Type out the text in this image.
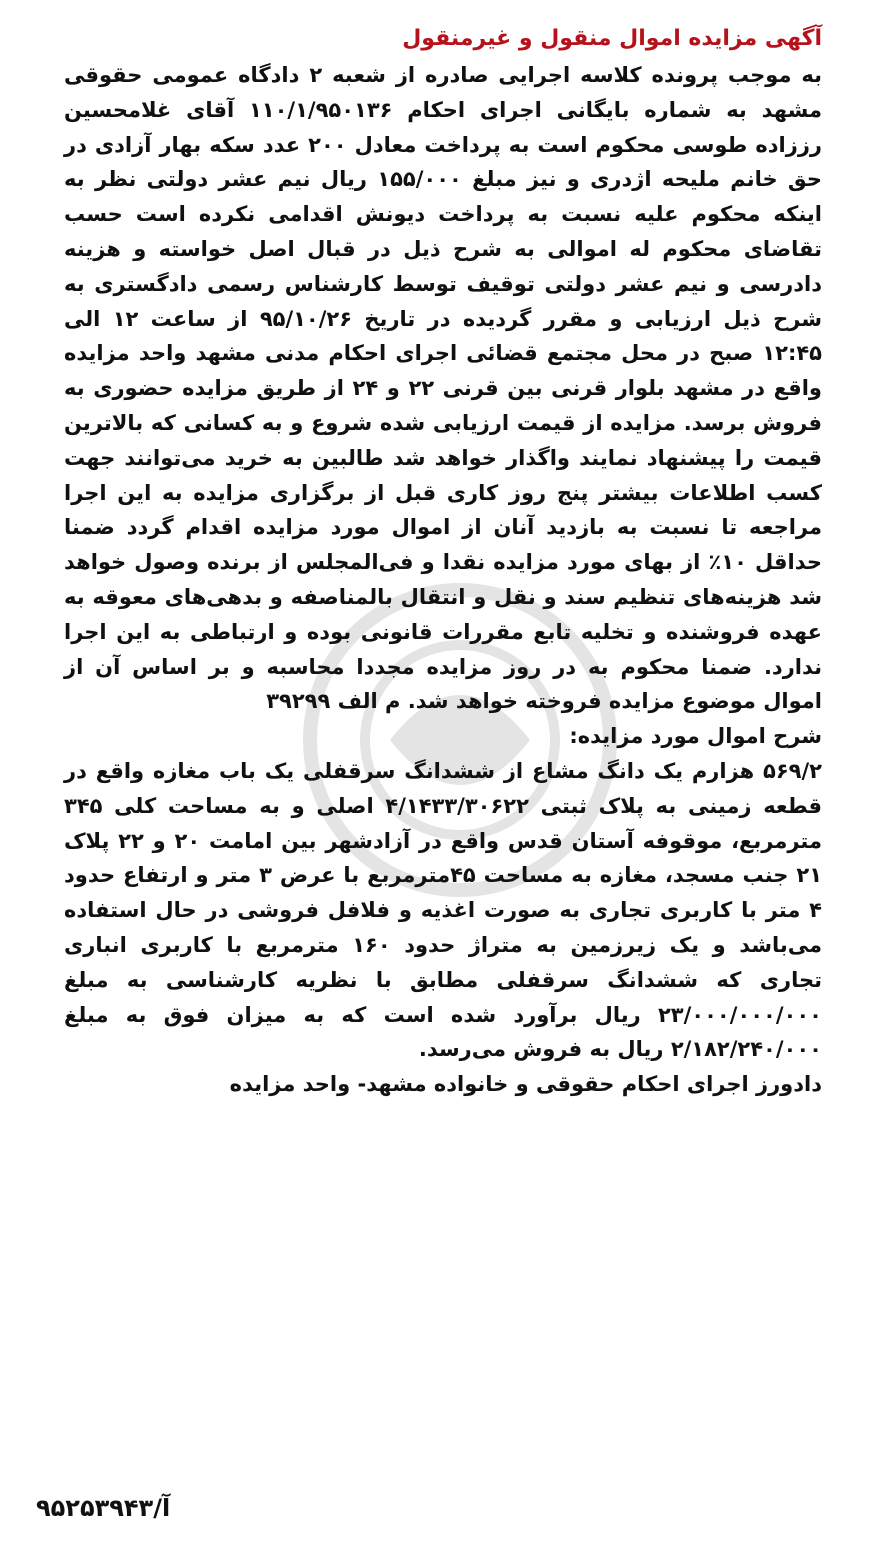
آگهی مزایده اموال منقول و غیرمنقول

به موجب پرونده کلاسه اجرایی صادره از شعبه ۲ دادگاه عمومی حقوقی مشهد به شماره بایگانی اجرای احکام ۱۱۰/۱/۹۵۰۱۳۶ آقای غلامحسین رززاده طوسی محکوم است به پرداخت معادل ۲۰۰ عدد سکه بهار آزادی در حق خانم ملیحه اژدری و نیز مبلغ ۱۵۵/۰۰۰ ریال نیم عشر دولتی نظر به اینکه محکوم علیه نسبت به پرداخت دیونش اقدامی نکرده است حسب تقاضای محکوم له اموالی به شرح ذیل در قبال اصل خواسته و هزینه دادرسی و نیم عشر دولتی توقیف توسط کارشناس رسمی دادگستری به شرح ذیل ارزیابی و مقرر گردیده در تاریخ ۹۵/۱۰/۲۶ از ساعت ۱۲ الی ۱۲:۴۵ صبح در محل مجتمع قضائی اجرای احکام مدنی مشهد واحد مزایده واقع در مشهد بلوار قرنی بین قرنی ۲۲ و ۲۴ از طریق مزایده حضوری به فروش برسد. مزایده از قیمت ارزیابی شده شروع و به کسانی که بالاترین قیمت را پیشنهاد نمایند واگذار خواهد شد طالبین به خرید می‌توانند جهت کسب اطلاعات بیشتر پنج روز کاری قبل از برگزاری مزایده به این اجرا مراجعه تا نسبت به بازدید آنان از اموال مورد مزایده اقدام گردد ضمنا حداقل ۱۰٪ از بهای مورد مزایده نقدا و فی‌المجلس از برنده وصول خواهد شد هزینه‌های تنظیم سند و نقل و انتقال بالمناصفه و بدهی‌های معوقه به عهده فروشنده و تخلیه تابع مقررات قانونی بوده و ارتباطی به این اجرا ندارد. ضمنا محکوم به در روز مزایده مجددا محاسبه و بر اساس آن از اموال موضوع مزایده فروخته خواهد شد. م الف ۳۹۲۹۹

شرح اموال مورد مزایده:

۵۶۹/۲ هزارم یک دانگ مشاع از ششدانگ سرقفلی یک باب مغازه واقع در قطعه زمینی به پلاک ثبتی ۴/۱۴۳۳/۳۰۶۲۲ اصلی و به مساحت کلی ۳۴۵ مترمربع، موقوفه آستان قدس واقع در آزادشهر بین امامت ۲۰ و ۲۲ پلاک ۲۱ جنب مسجد، مغازه به مساحت ۴۵مترمربع با عرض ۳ متر و ارتفاع حدود ۴ متر با کاربری تجاری به صورت اغذیه و فلافل فروشی در حال استفاده می‌باشد و یک زیرزمین به متراژ حدود ۱۶۰ مترمربع با کاربری انباری تجاری که ششدانگ سرقفلی مطابق با نظریه کارشناسی به مبلغ ۲۳/۰۰۰/۰۰۰/۰۰۰ ریال برآورد شده است که به میزان فوق به مبلغ ۲/۱۸۲/۲۴۰/۰۰۰ ریال به فروش می‌رسد.

دادورز اجرای احکام حقوقی و خانواده مشهد- واحد مزایده
آ/۹۵۲۵۳۹۴۳
